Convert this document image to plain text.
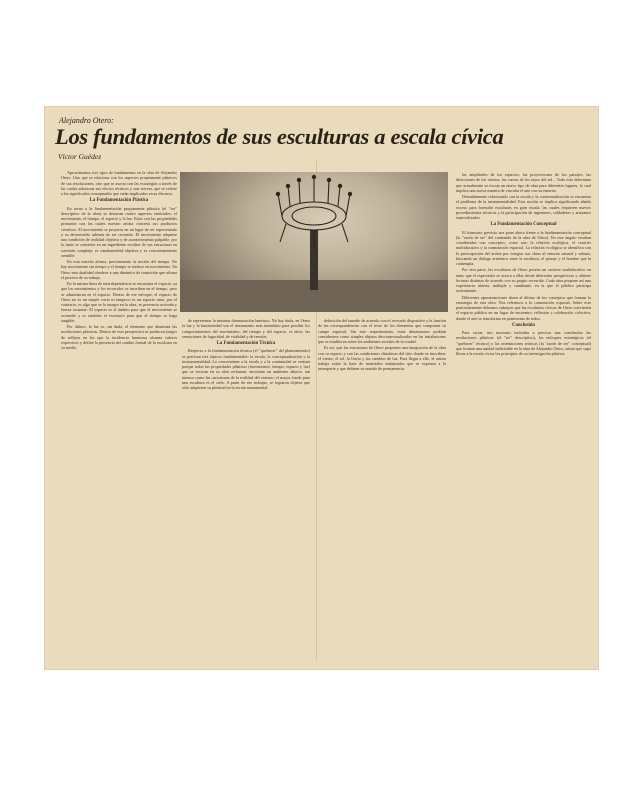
Alejandro Otero:
Los fundamentos de sus esculturas a escala cívica
Víctor Guédez

Aproximarnos tres tipos de fundamentos en la obra de Alejandro Otero. Uno que se relaciona con los aspectos propiamente plásticos de sus resoluciones, otro que se asocia con las estrategias a través de las cuales soluciona sus efectos técnicos y una tercera, que se refiere a las significados conceptuales que están implicados en su discurso.

La Fundamentación Plástica

En torno a la fundamentación propiamente plástica (el "ser" descriptivo de la obra) se destacan cuatro aspectos esenciales: el movimiento, el tiempo, el espacio y la luz. Estas son las propiedades primarias con las cuales nuestro artista concreta sus productos creativos. El movimiento se proyecta en un lugar de ser representado y su desenvuelto además de ser recreado. El movimiento adquiere una condición de realidad objetiva y de acontecimiento palpable, por lo tanto se convierte en un ingrediente escultor de sus estructuras en sucesión compleja, es simultaneidad objetiva y es concatenamiento sensible.

En esta marcha afirma, precisamente, la noción del tiempo. No hay movimiento sin tiempo y el tiempo se traduce en movimiento. En Otero esta dualidad obedece a una dinámica de transición que afirma el proceso de su trabajo.

En la misma línea de interdependencia se encuentra el espacio, ya que los movimientos y los recorridos se inscriben en el tiempo, pero se administran en el espacio. Dentro de ese enfoque, el espacio de Otero no es un simple vacío ni tampoco es un soporte vano, por el contrario, es algo que se lo integra en la obra, es presencia activada y fuerza actuante. El espacio es el ámbito para que el movimiento se acomode y es también el escenario para que el tiempo se haga tangible.

Por último, la luz es, sin duda, el elemento que dinamiza las resoluciones plásticas. Dentro de esta perspectiva se producen juegos de reflejos en los que la incidencia luminosa alcanza valores expresivos y define la presencia del cambio formal de la escultura en su medio.

de representar la máxima dinamización lumínica. No hay duda, en Otero la luz y la luminosidad son el instrumento más inmediato para percibir los comportamientos del movimiento, del tiempo y del espacio, es decir, las sensaciones de fugacidad, de vitalidad y de tensión.

La Fundamentación Técnica

Respecto a la fundamentación técnica (el "quehacer" del planteamiento) se precisan tres tópicos fundamentales: la escala, la conceptualización y la instrumentalidad. Lo concerniente a la escala y a la continuidad se centran porque todas las propiedades plásticas (movimiento, tiempo, espacio y luz) que se recrean en su obra reclaman, necesitan un ambiente abierto, tan intenso como las caricaturas de la realidad del entorno: el mayor fondo para una escultura es el cielo. A partir de ese enfoque, se lograron objetos que sólo adquieren su plenitud en la escala monumental.

definición del tamaño de acuerdo con el revisado dispositivo y la función de las correspondencias con el resto de los elementos que componen su campo espacial. Sin este requerimiento, estas dimensiones podrían considerarse como simples objetos descontextualizados en las instalaciones que se establecen sobre los ambientes sociales de la ciudad.

Es así, que las estructuras de Otero proponen una integración de la obra con su espacio y con las condiciones climáticas del sitio donde se inscriben: el viento, el sol, la lluvia y los cambios de luz. Para llegar a ello, el artista trabaja sobre la base de materiales industriales que se exponen a la intemperie y que definen su sentido de permanencia.

las amplitudes de los espacios, las proyecciones de los paisajes, las direcciones de los vientos, las curvas de los rayos del sol... Todo esto determina que actualmente se escoja un nuevo tipo de obra para diferentes lugares, lo cual implica una nueva manera de vincular el arte con su entorno.

Detenidamente relacionado con la escala y la contextualización se encuentra el problema de la instrumentalidad. Esta noción se implica significando añadir exceso para formular esculturas en gran escala, las cuales requieren nuevos procedimientos técnicos y la participación de ingenieros, soldadores y artesanos especializados.

La Fundamentación Conceptual

El itinerario previsto nos pone ahora frente a la fundamentación conceptual (la "razón de ser" del contenido de la obra de Otero). En este ángulo resaltan coordenadas con conceptos, como son: la relación ecológica, el carácter multiducativo y la connotación espacial. La relación ecológica se identifica con la preocupación del artista por integrar sus obras al entorno natural y urbano, buscando un diálogo armónico entre la escultura, el paisaje y el hombre que la contempla.

Por otra parte, las esculturas de Otero poseen un carácter multiducativo en tanto que el espectador se acerca a ellas desde diferentes perspectivas y obtiene lecturas distintas de acuerdo con su propio recorrido. Cada obra propone así una experiencia abierta, múltiple y cambiante, en la que el público participa activamente.

Diferentes aproximaciones abren al último de los conceptos que forman la estrategia de esta obra. Nos referimos a la connotación espacial. Sobre esto particularmente debemos subrayar que las esculturas cívicas de Otero convierten el espacio público en un lugar de encuentro, reflexión y celebración colectiva, donde el arte se transforma en patrimonio de todos.

Conclusión

Para cerrar, tres nociones incluidas a precisar una conclusión: las resoluciones plásticas (el "ser" descriptivo), los enfoques estratégicos (el "quehacer" técnico) y las orientaciones teóricas (la "razón de ser" conceptual) que forman una unidad indivisible en la obra de Alejandro Otero, artista que supo llevar a la escala cívica los principios de su investigación plástica.
